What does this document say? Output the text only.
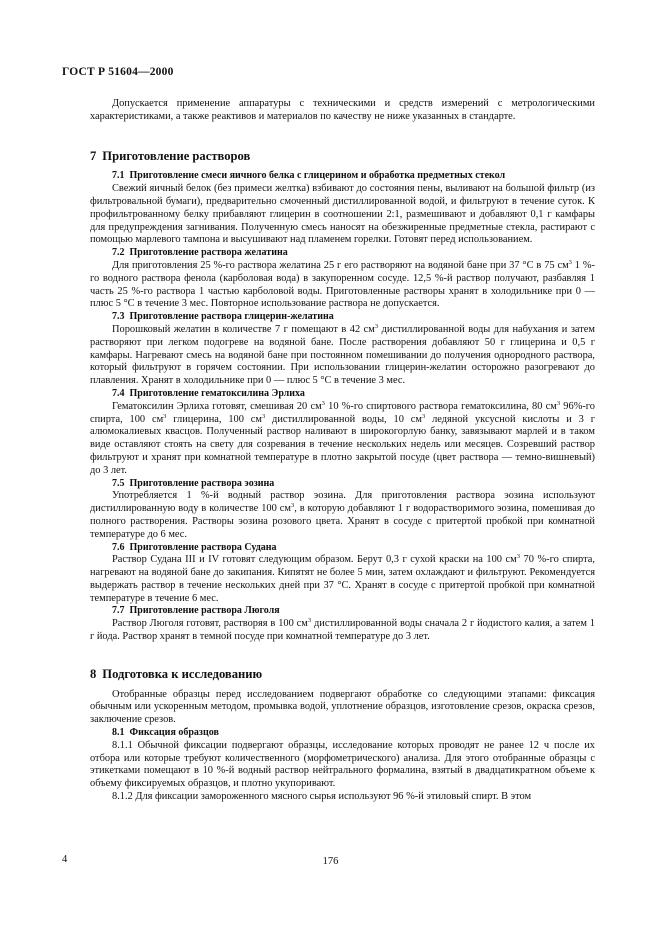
ГОСТ Р 51604—2000

Допускается применение аппаратуры с техническими и средств измерений с метрологическими характеристиками, а также реактивов и материалов по качеству не ниже указанных в стандарте.

7 Приготовление растворов
7.1 Приготовление смеси яичного белка с глицерином и обработка предметных стекол

Свежий яичный белок (без примеси желтка) взбивают до состояния пены, выливают на большой фильтр (из фильтровальной бумаги), предварительно смоченный дистиллированной водой, и фильтруют в течение суток. К профильтрованному белку прибавляют глицерин в соотношении 2:1, размешивают и добавляют 0,1 г камфары для предупреждения загнивания. Полученную смесь наносят на обезжиренные предметные стекла, растирают с помощью марлевого тампона и высушивают над пламенем горелки. Готовят перед использованием.

7.2 Приготовление раствора желатина

Для приготовления 25 %-го раствора желатина 25 г его растворяют на водяной бане при 37 °С в 75 $см^3$ 1 %-го водного раствора фенола (карболовая вода) в закупоренном сосуде. 12,5 %-й раствор получают, разбавляя 1 часть 25 %-го раствора 1 частью карболовой воды. Приготовленные растворы хранят в холодильнике при 0 — плюс 5 °С в течение 3 мес. Повторное использование раствора не допускается.

7.3 Приготовление раствора глицерин-желатина

Порошковый желатин в количестве 7 г помещают в 42 $см^3$ дистиллированной воды для набухания и затем растворяют при легком подогреве на водяной бане. После растворения добавляют 50 г глицерина и 0,5 г камфары. Нагревают смесь на водяной бане при постоянном помешивании до получения однородного раствора, который фильтруют в горячем состоянии. При использовании глицерин-желатин осторожно разогревают до плавления. Хранят в холодильнике при 0 — плюс 5 °С в течение 3 мес.

7.4 Приготовление гематоксилина Эрлиха

Гематоксилин Эрлиха готовят, смешивая 20 $см^3$ 10 %-го спиртового раствора гематоксилина, 80 $см^3$ 96%-го спирта, 100 $см^3$ глицерина, 100 $см^3$ дистиллированной воды, 10 $см^3$ ледяной уксусной кислоты и 3 г алюмокалиевых квасцов. Полученный раствор наливают в широкогорлую банку, завязывают марлей и в таком виде оставляют стоять на свету для созревания в течение нескольких недель или месяцев. Созревший раствор фильтруют и хранят при комнатной температуре в плотно закрытой посуде (цвет раствора — темно-вишневый) до 3 лет.

7.5 Приготовление раствора эозина

Употребляется 1 %-й водный раствор эозина. Для приготовления раствора эозина используют дистиллированную воду в количестве 100 $см^3$, в которую добавляют 1 г водорастворимого эозина, помешивая до полного растворения. Растворы эозина розового цвета. Хранят в сосуде с притертой пробкой при комнатной температуре до 6 мес.

7.6 Приготовление раствора Судана

Раствор Судана III и IV готовят следующим образом. Берут 0,3 г сухой краски на 100 $см^3$ 70 %-го спирта, нагревают на водяной бане до закипания. Кипятят не более 5 мин, затем охлаждают и фильтруют. Рекомендуется выдержать раствор в течение нескольких дней при 37 °С. Хранят в сосуде с притертой пробкой при комнатной температуре в течение 6 мес.

7.7 Приготовление раствора Люголя

Раствор Люголя готовят, растворяя в 100 $см^3$ дистиллированной воды сначала 2 г йодистого калия, а затем 1 г йода. Раствор хранят в темной посуде при комнатной температуре до 3 лет.

8 Подготовка к исследованию

Отобранные образцы перед исследованием подвергают обработке со следующими этапами: фиксация обычным или ускоренным методом, промывка водой, уплотнение образцов, изготовление срезов, окраска срезов, заключение срезов.

8.1 Фиксация образцов

8.1.1 Обычной фиксации подвергают образцы, исследование которых проводят не ранее 12 ч после их отбора или которые требуют количественного (морфометрического) анализа. Для этого отобранные образцы с этикетками помещают в 10 %-й водный раствор нейтрального формалина, взятый в двадцатикратном объеме к объему фиксируемых образцов, и плотно укупоривают.

8.1.2 Для фиксации замороженного мясного сырья используют 96 %-й этиловый спирт. В этом

4	176
